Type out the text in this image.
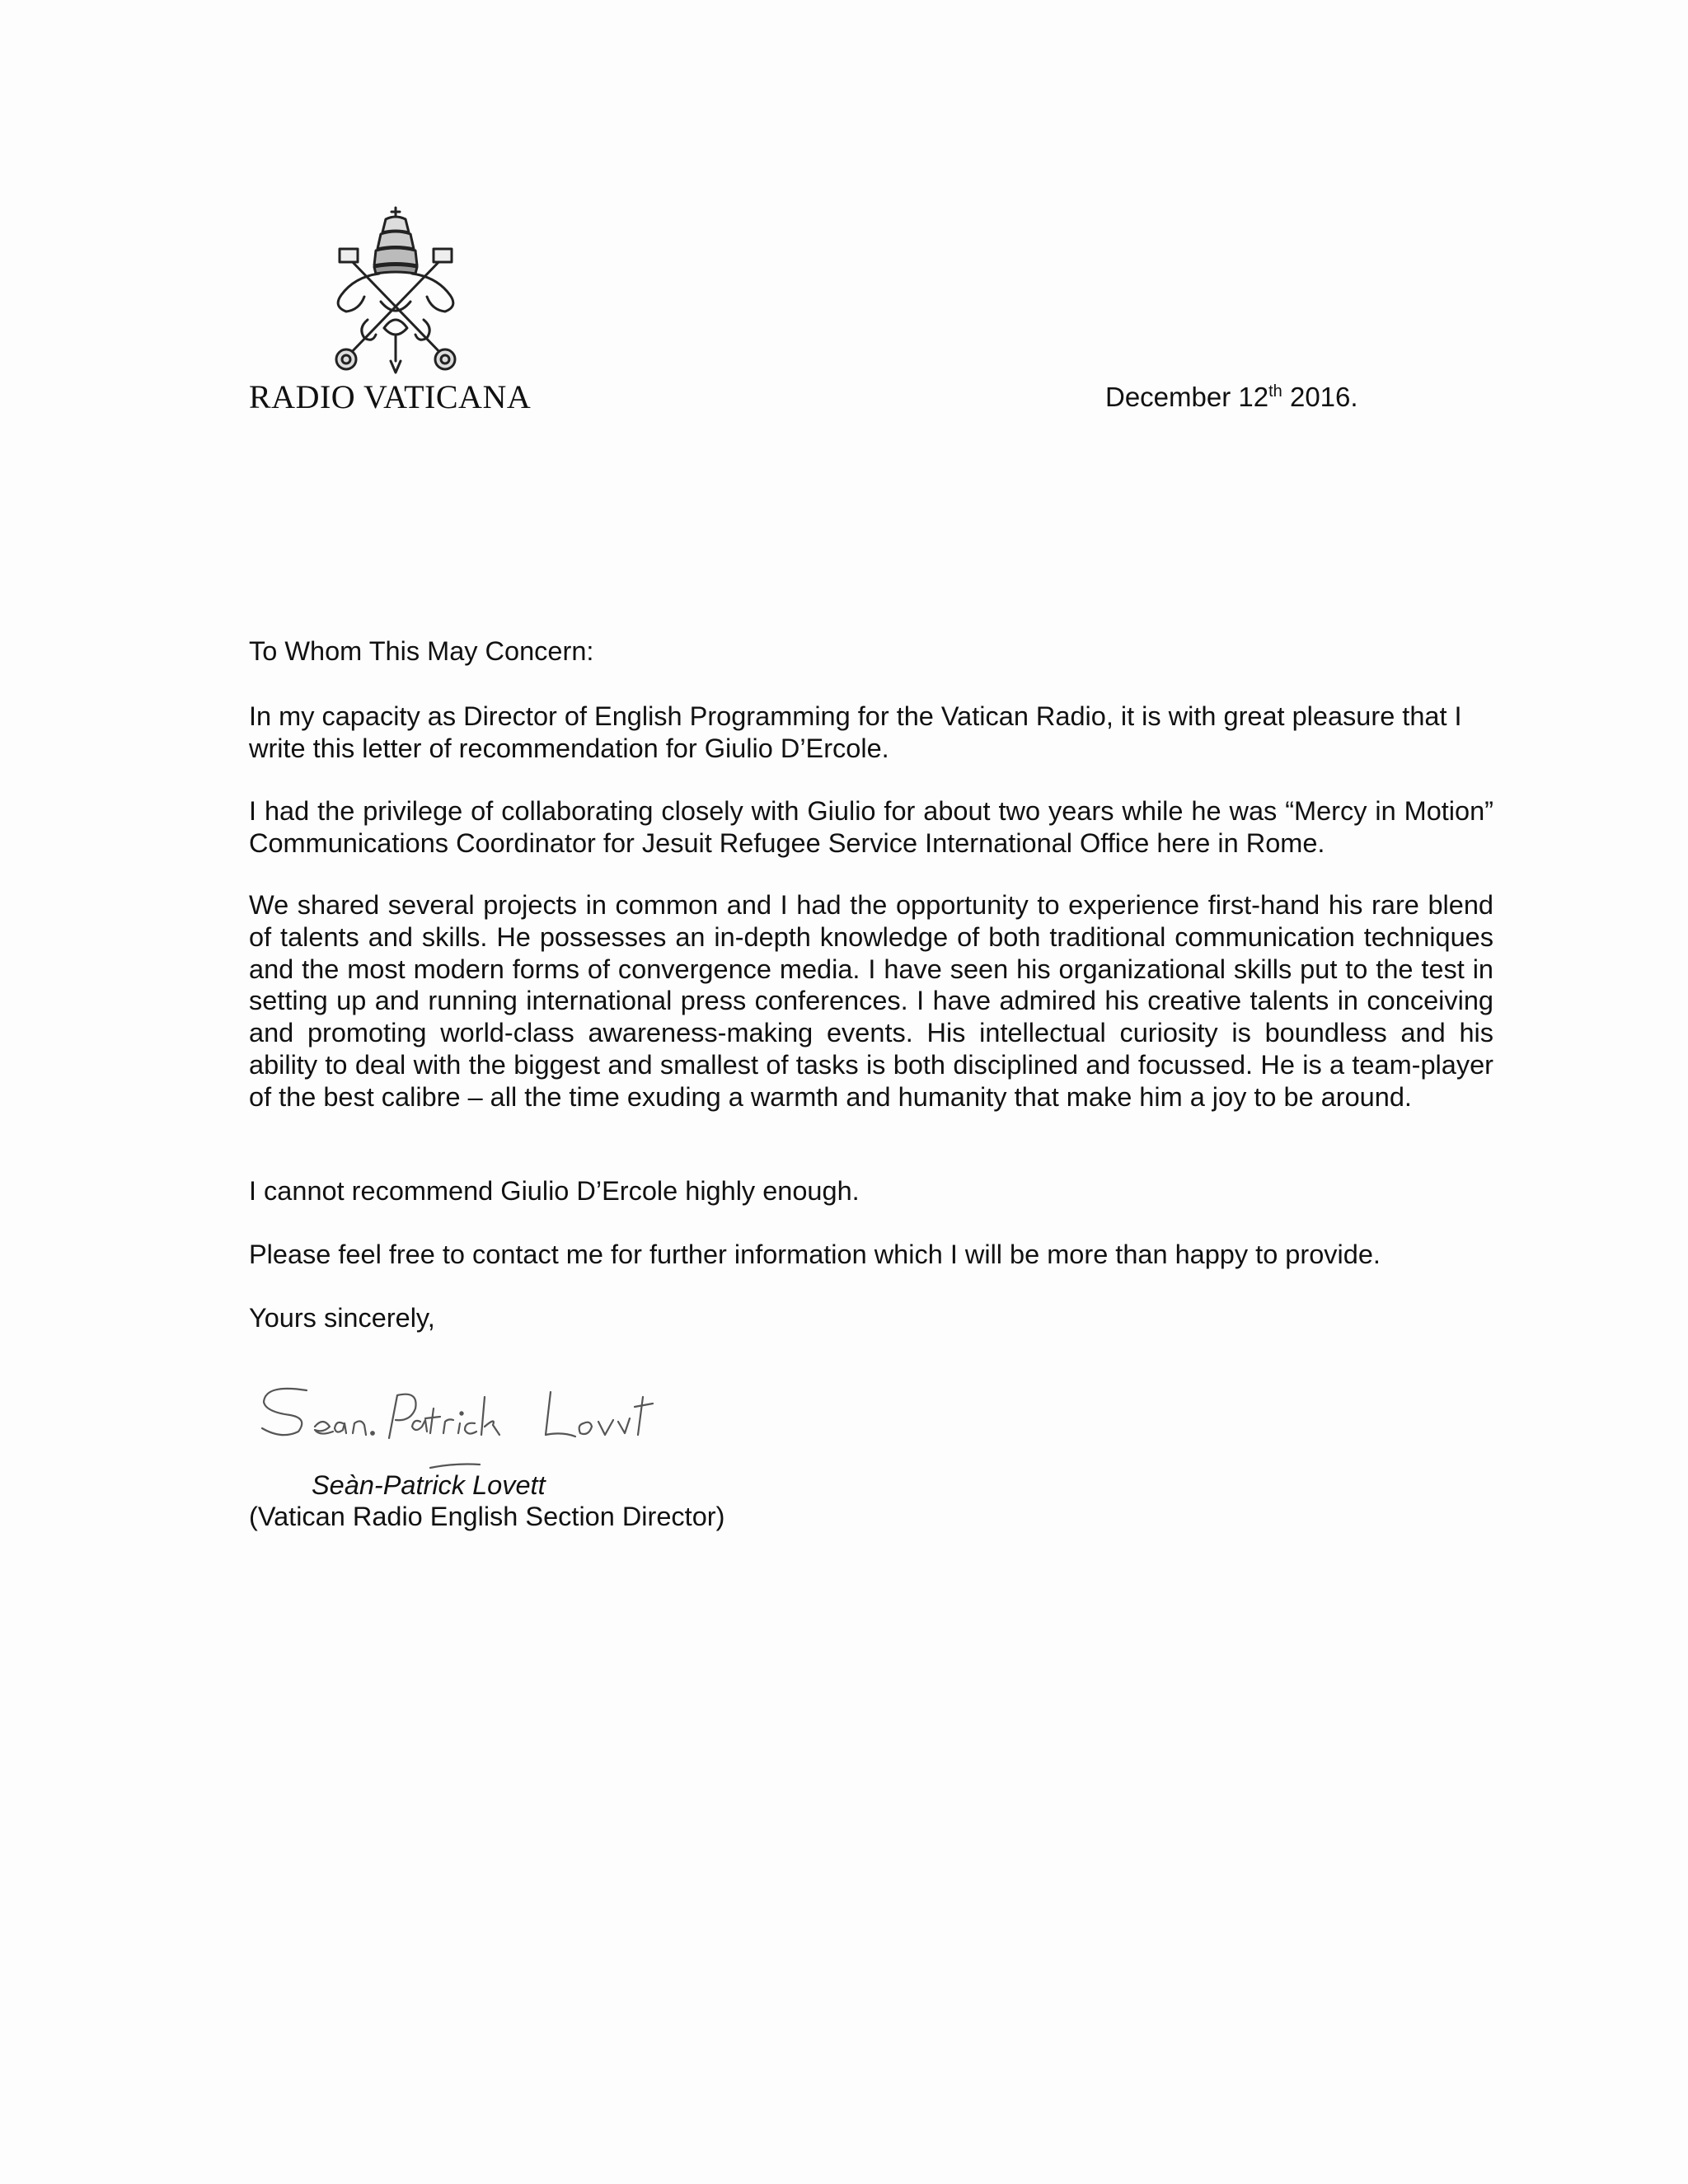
RADIO VATICANA	December 12th 2016.

To Whom This May Concern:

In my capacity as Director of English Programming for the Vatican Radio, it is with great pleasure that I write this letter of recommendation for Giulio D’Ercole.

I had the privilege of collaborating closely with Giulio for about two years while he was “Mercy in Motion” Communications Coordinator for Jesuit Refugee Service International Office here in Rome.

We shared several projects in common and I had the opportunity to experience first-hand his rare blend of talents and skills. He possesses an in-depth knowledge of both traditional communication techniques and the most modern forms of convergence media. I have seen his organizational skills put to the test in setting up and running international press conferences. I have admired his creative talents in conceiving and promoting world-class awareness-making events. His intellectual curiosity is boundless and his ability to deal with the biggest and smallest of tasks is both disciplined and focussed. He is a team-player of the best calibre – all the time exuding a warmth and humanity that make him a joy to be around.

I cannot recommend Giulio D’Ercole highly enough.

Please feel free to contact me for further information which I will be more than happy to provide.

Yours sincerely,

Seàn-Patrick Lovett
(Vatican Radio English Section Director)
